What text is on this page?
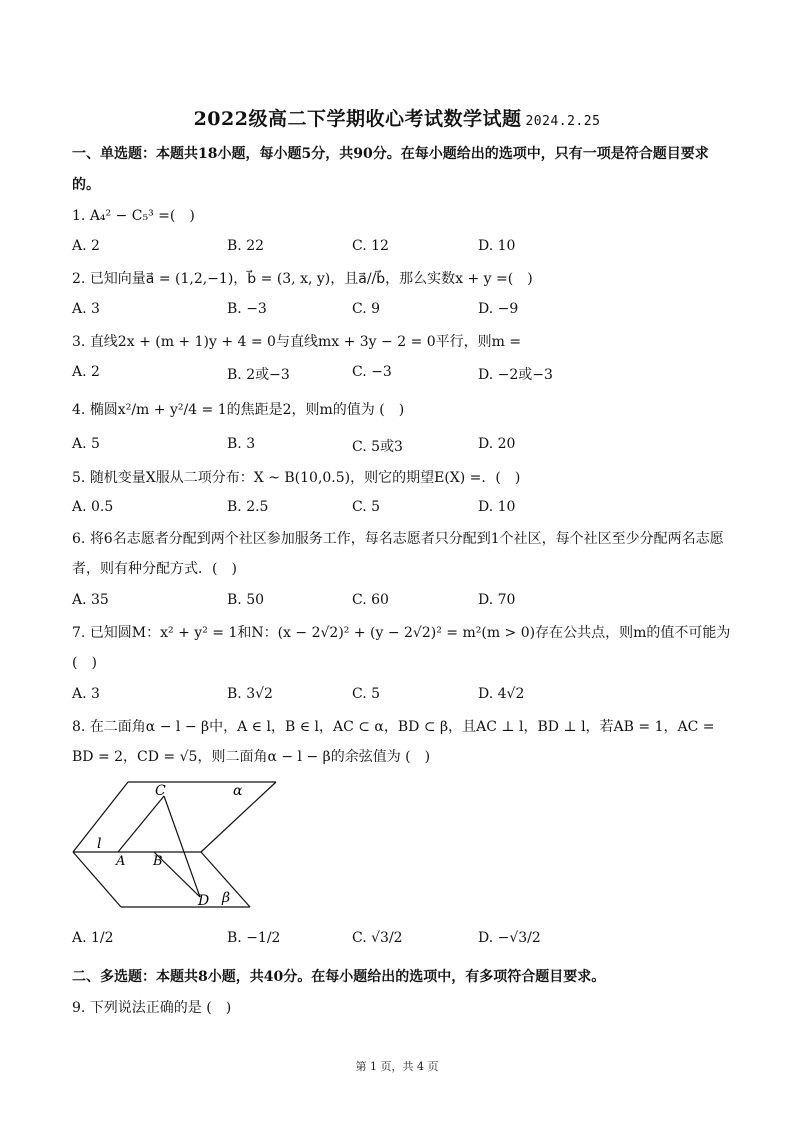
2022级高二下学期收心考试数学试题 2024.2.25
一、单选题：本题共18小题，每小题5分，共90分。在每小题给出的选项中，只有一项是符合题目要求的。
1. A₄² − C₅³ =(　)
A. 2	B. 22	C. 12	D. 10
2. 已知向量a⃗ = (1,2,−1)，b⃗ = (3, x, y)，且a⃗//b⃗，那么实数x + y =(　)
A. 3	B. −3	C. 9	D. −9
3. 直线2x + (m + 1)y + 4 = 0与直线mx + 3y − 2 = 0平行，则m =
A. 2	B. 2或−3	C. −3	D. −2或−3
4. 椭圆x²/m + y²/4 = 1的焦距是2，则m的值为 (　)
A. 5	B. 3	C. 5或3	D. 20
5. 随机变量X服从二项分布：X ~ B(10,0.5)，则它的期望E(X) =．(　)
A. 0.5	B. 2.5	C. 5	D. 10
6. 将6名志愿者分配到两个社区参加服务工作，每名志愿者只分配到1个社区，每个社区至少分配两名志愿者，则有种分配方式．(　)
A. 35	B. 50	C. 60	D. 70
7. 已知圆M：x² + y² = 1和N：(x − 2√2)² + (y − 2√2)² = m²(m > 0)存在公共点，则m的值不可能为(　)
A. 3	B. 3√2	C. 5	D. 4√2
8. 在二面角α − l − β中，A ∈ l，B ∈ l，AC ⊂ α，BD ⊂ β，且AC ⊥ l，BD ⊥ l，若AB = 1，AC = BD = 2，CD = √5，则二面角α − l − β的余弦值为 (　)
C	α
l
A B
D β
A. 1/2	B. −1/2	C. √3/2	D. −√3/2
二、多选题：本题共8小题，共40分。在每小题给出的选项中，有多项符合题目要求。
9. 下列说法正确的是 (　)
第 1 页，共 4 页
